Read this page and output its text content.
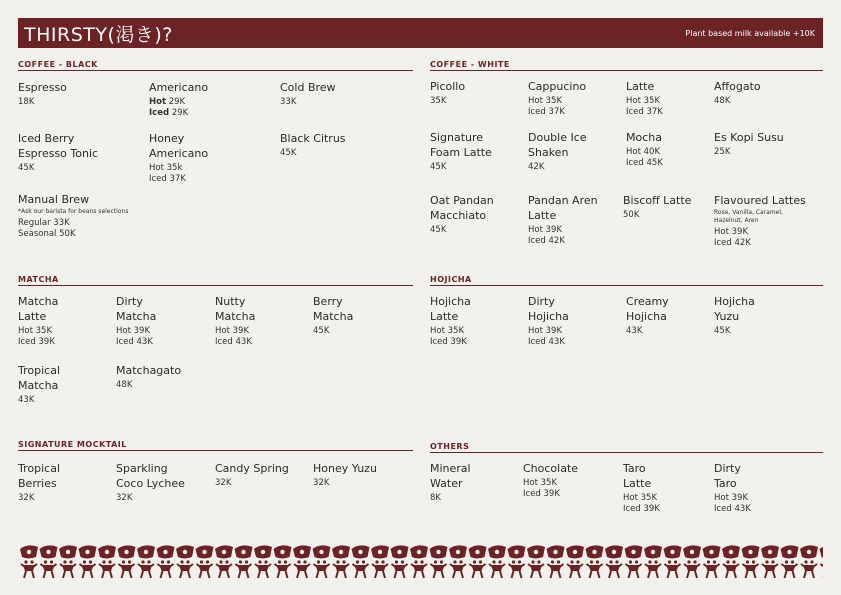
THIRSTY(渇き)?	Plant based milk available +10K
COFFEE - BLACK
Espresso
18K
Americano
Hot 29K
Iced 29K
Cold Brew
33K
Iced Berry
Espresso Tonic
45K
Honey
Americano
Hot 35k
Iced 37K
Black Citrus
45K
Manual Brew
*Ask our barista for beans selections
Regular 33K
Seasonal 50K
COFFEE - WHITE
Picollo
35K
Cappucino
Hot 35K
Iced 37K
Latte
Hot 35K
Iced 37K
Affogato
48K
Signature
Foam Latte
45K
Double Ice
Shaken
42K
Mocha
Hot 40K
Iced 45K
Es Kopi Susu
25K
Oat Pandan
Macchiato
45K
Pandan Aren
Latte
Hot 39K
Iced 42K
Biscoff Latte
50K
Flavoured Lattes
Rose, Vanilla, Caramel,
Hazelnut, Aren
Hot 39K
Iced 42K
MATCHA
Matcha
Latte
Hot 35K
Iced 39K
Dirty
Matcha
Hot 39K
Iced 43K
Nutty
Matcha
Hot 39K
Iced 43K
Berry
Matcha
45K
Tropical
Matcha
43K
Matchagato
48K
HOJICHA
Hojicha
Latte
Hot 35K
Iced 39K
Dirty
Hojicha
Hot 39K
Iced 43K
Creamy
Hojicha
43K
Hojicha
Yuzu
45K
SIGNATURE MOCKTAIL
Tropical
Berries
32K
Sparkling
Coco Lychee
32K
Candy Spring
32K
Honey Yuzu
32K
OTHERS
Mineral
Water
8K
Chocolate
Hot 35K
Iced 39K
Taro
Latte
Hot 35K
Iced 39K
Dirty
Taro
Hot 39K
Iced 43K
